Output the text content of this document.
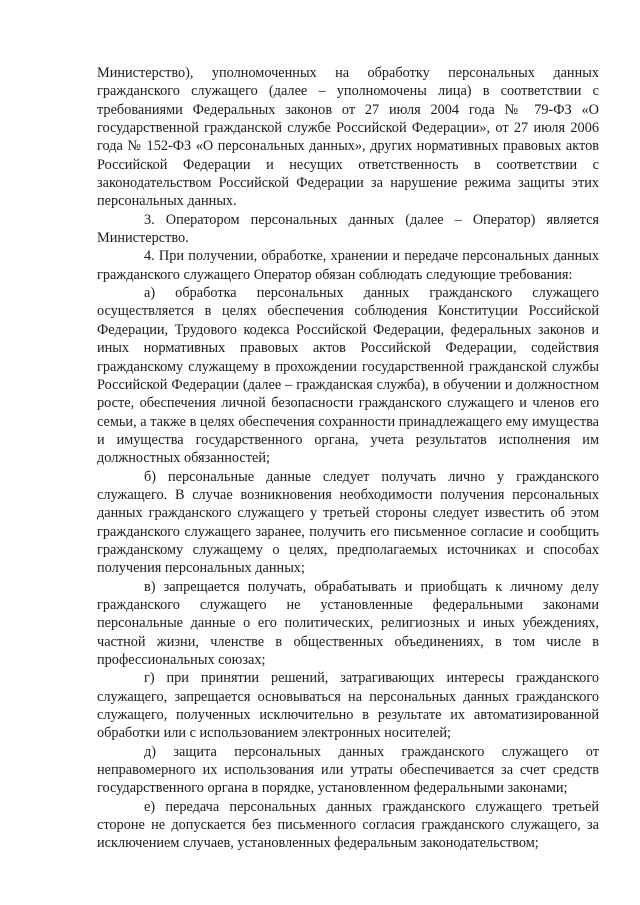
Министерство), уполномоченных на обработку персональных данных гражданского служащего (далее – уполномочены лица) в соответствии с требованиями Федеральных законов от 27 июля 2004 года № 79-ФЗ «О государственной гражданской службе Российской Федерации», от 27 июля 2006 года № 152-ФЗ «О персональных данных», других нормативных правовых актов Российской Федерации и несущих ответственность в соответствии с законодательством Российской Федерации за нарушение режима защиты этих персональных данных.

3. Оператором персональных данных (далее – Оператор) является Министерство.

4. При получении, обработке, хранении и передаче персональных данных гражданского служащего Оператор обязан соблюдать следующие требования:

а) обработка персональных данных гражданского служащего осуществляется в целях обеспечения соблюдения Конституции Российской Федерации, Трудового кодекса Российской Федерации, федеральных законов и иных нормативных правовых актов Российской Федерации, содействия гражданскому служащему в прохождении государственной гражданской службы Российской Федерации (далее – гражданская служба), в обучении и должностном росте, обеспечения личной безопасности гражданского служащего и членов его семьи, а также в целях обеспечения сохранности принадлежащего ему имущества и имущества государственного органа, учета результатов исполнения им должностных обязанностей;

б) персональные данные следует получать лично у гражданского служащего. В случае возникновения необходимости получения персональных данных гражданского служащего у третьей стороны следует известить об этом гражданского служащего заранее, получить его письменное согласие и сообщить гражданскому служащему о целях, предполагаемых источниках и способах получения персональных данных;

в) запрещается получать, обрабатывать и приобщать к личному делу гражданского служащего не установленные федеральными законами персональные данные о его политических, религиозных и иных убеждениях, частной жизни, членстве в общественных объединениях, в том числе в профессиональных союзах;

г) при принятии решений, затрагивающих интересы гражданского служащего, запрещается основываться на персональных данных гражданского служащего, полученных исключительно в результате их автоматизированной обработки или с использованием электронных носителей;

д) защита персональных данных гражданского служащего от неправомерного их использования или утраты обеспечивается за счет средств государственного органа в порядке, установленном федеральными законами;

е) передача персональных данных гражданского служащего третьей стороне не допускается без письменного согласия гражданского служащего, за исключением случаев, установленных федеральным законодательством;
